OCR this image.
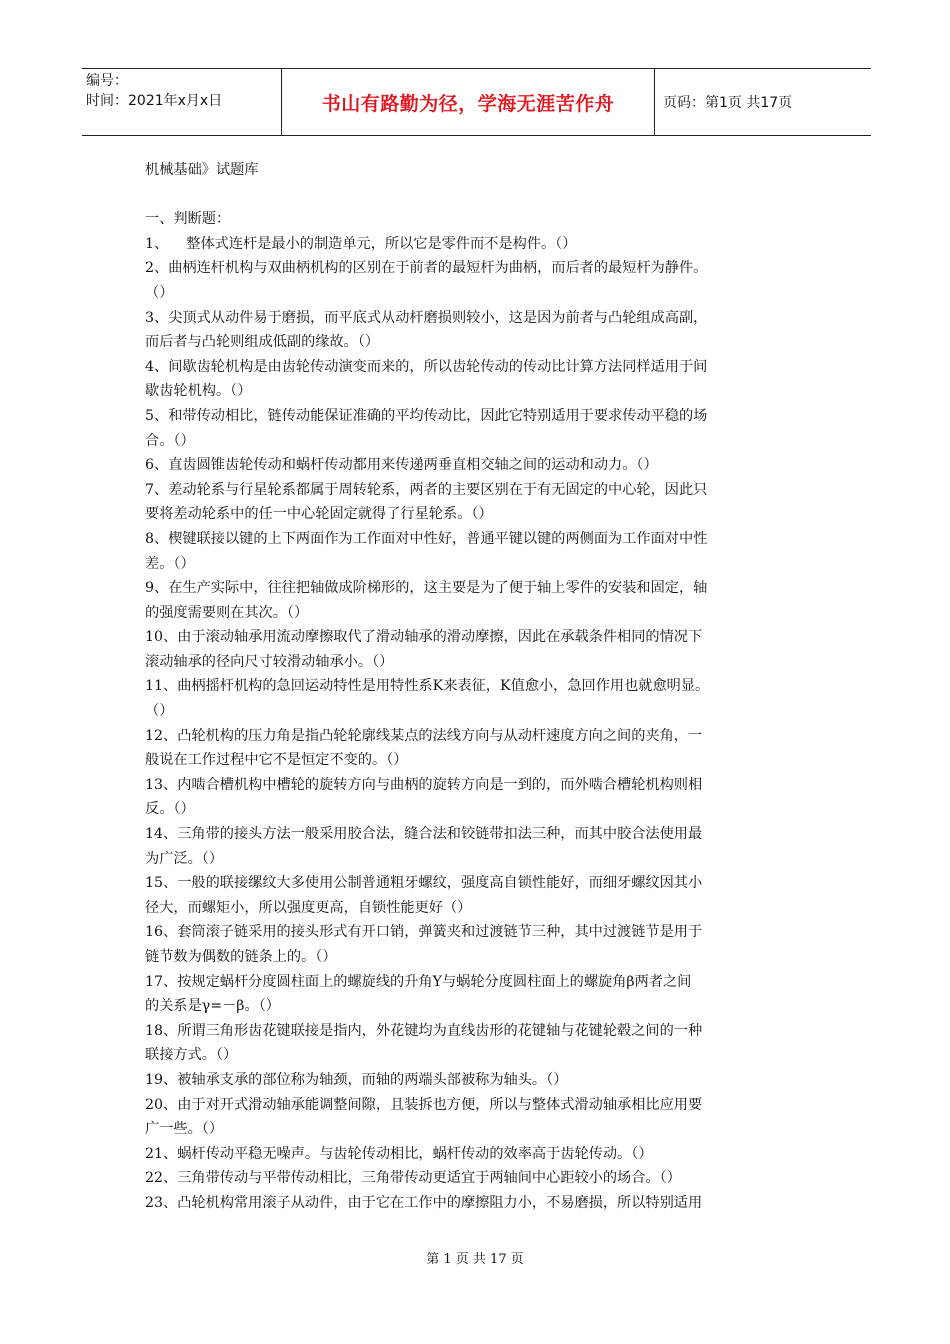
编号：
时间：2021年x月x日	书山有路勤为径，学海无涯苦作舟	页码：第1页 共17页
机械基础》试题库
一、判断题：
1、    整体式连杆是最小的制造单元，所以它是零件而不是构件。（）
2、曲柄连杆机构与双曲柄机构的区别在于前者的最短杆为曲柄，而后者的最短杆为静件。
（）
3、尖顶式从动件易于磨损，而平底式从动杆磨损则较小，这是因为前者与凸轮组成高副，
而后者与凸轮则组成低副的缘故。（）
4、间歇齿轮机构是由齿轮传动演变而来的，所以齿轮传动的传动比计算方法同样适用于间
歇齿轮机构。（）
5、和带传动相比，链传动能保证准确的平均传动比，因此它特别适用于要求传动平稳的场
合。（）
6、直齿圆锥齿轮传动和蜗杆传动都用来传递两垂直相交轴之间的运动和动力。（）
7、差动轮系与行星轮系都属于周转轮系，两者的主要区别在于有无固定的中心轮，因此只
要将差动轮系中的任一中心轮固定就得了行星轮系。（）
8、楔键联接以键的上下两面作为工作面对中性好，普通平键以键的两侧面为工作面对中性
差。（）
9、在生产实际中，往往把轴做成阶梯形的，这主要是为了便于轴上零件的安装和固定，轴
的强度需要则在其次。（）
10、由于滚动轴承用流动摩擦取代了滑动轴承的滑动摩擦，因此在承载条件相同的情况下
滚动轴承的径向尺寸较滑动轴承小。（）
11、曲柄摇杆机构的急回运动特性是用特性系K来表征，K值愈小，急回作用也就愈明显。
（）
12、凸轮机构的压力角是指凸轮轮廓线某点的法线方向与从动杆速度方向之间的夹角，一
般说在工作过程中它不是恒定不变的。（）
13、内啮合槽机构中槽轮的旋转方向与曲柄的旋转方向是一到的，而外啮合槽轮机构则相
反。（）
14、三角带的接头方法一般采用胶合法，缝合法和铰链带扣法三种，而其中胶合法使用最
为广泛。（）
15、一般的联接缧纹大多使用公制普通粗牙螺纹，强度高自锁性能好，而细牙螺纹因其小
径大，而螺矩小，所以强度更高，自锁性能更好（）
16、套筒滚子链采用的接头形式有开口销，弹簧夹和过渡链节三种，其中过渡链节是用于
链节数为偶数的链条上的。（）
17、按规定蜗杆分度圆柱面上的螺旋线的升角Y与蜗轮分度圆柱面上的螺旋角β两者之间
的关系是γ=－β。（）
18、所谓三角形齿花键联接是指内，外花键均为直线齿形的花键轴与花键轮毂之间的一种
联接方式。（）
19、被轴承支承的部位称为轴颈，而轴的两端头部被称为轴头。（）
20、由于对开式滑动轴承能调整间隙，且装拆也方便，所以与整体式滑动轴承相比应用要
广一些。（）
21、蜗杆传动平稳无噪声。与齿轮传动相比，蜗杆传动的效率高于齿轮传动。（）
22、三角带传动与平带传动相比，三角带传动更适宜于两轴间中心距较小的场合。（）
23、凸轮机构常用滚子从动件，由于它在工作中的摩擦阻力小，不易磨损，所以特别适用
第 1 页 共 17 页
